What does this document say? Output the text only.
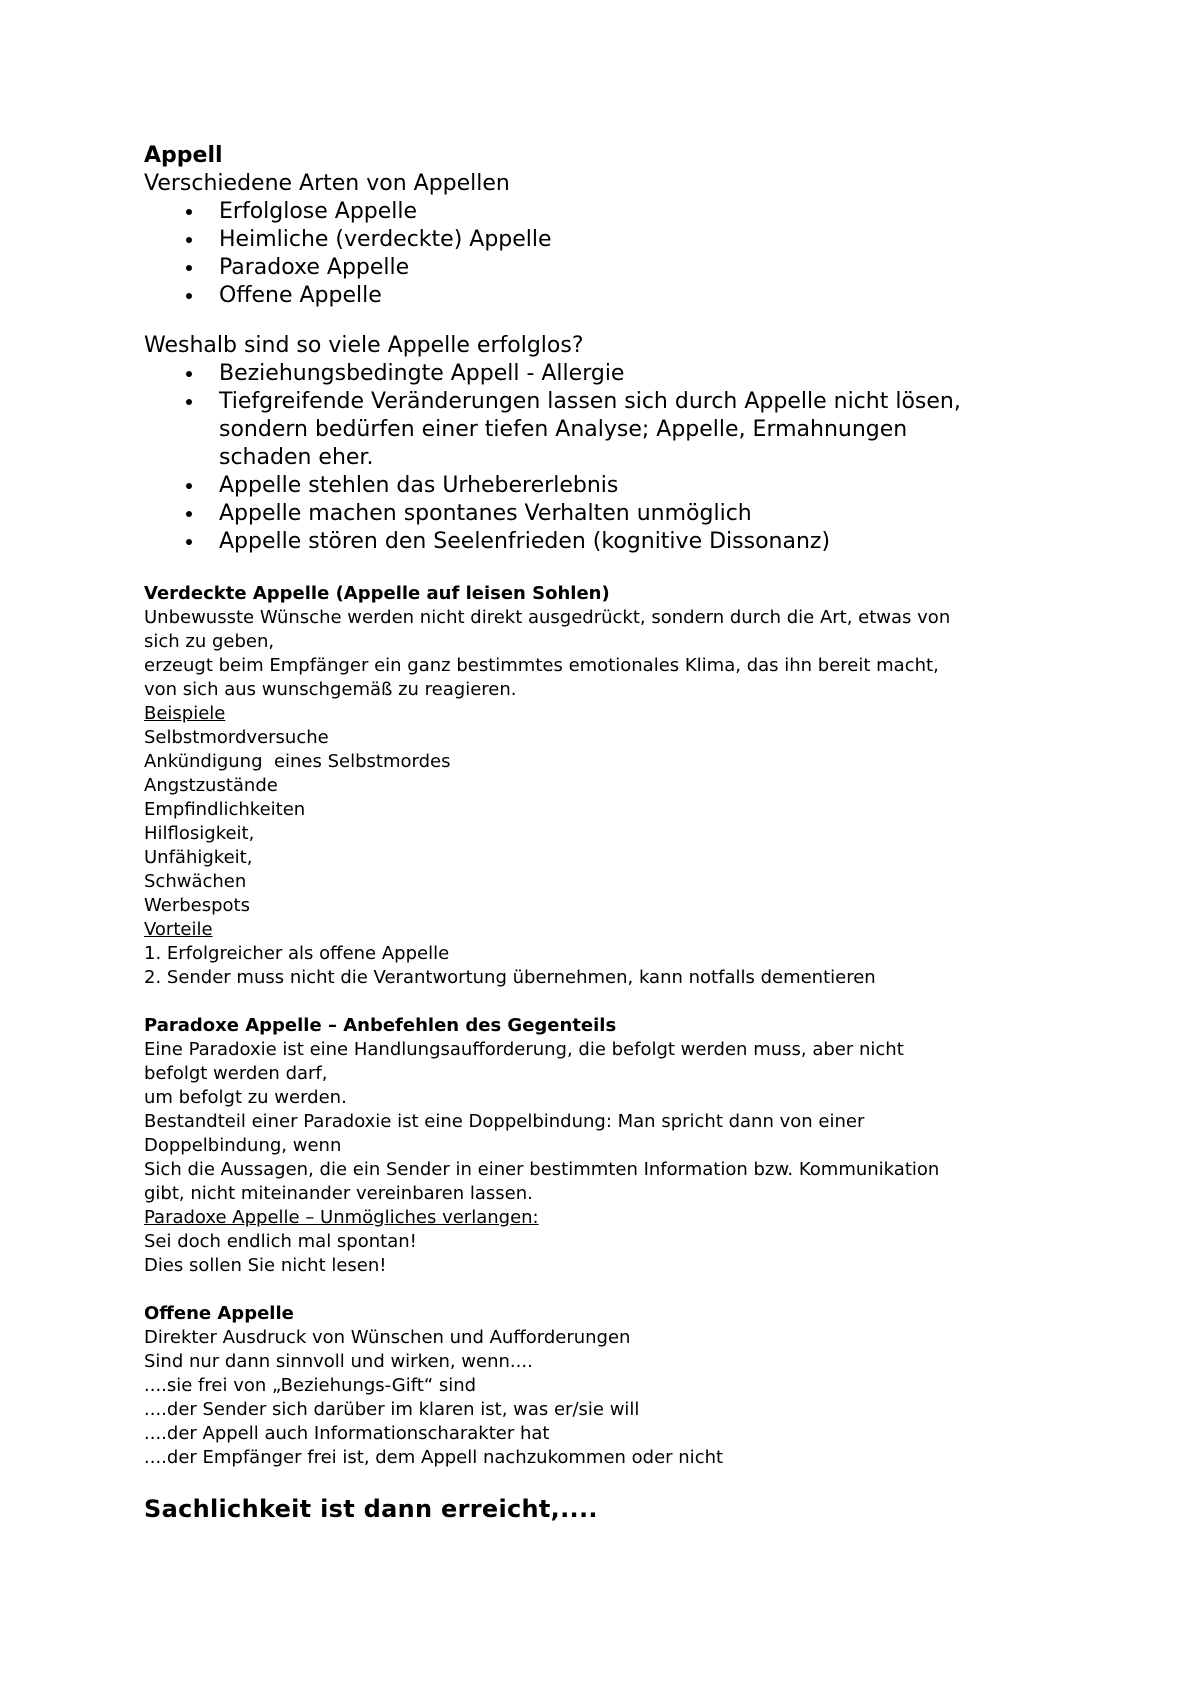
Appell

Verschiedene Arten von Appellen

Erfolglose Appelle
Heimliche (verdeckte) Appelle
Paradoxe Appelle
Offene Appelle

Weshalb sind so viele Appelle erfolglos?

Beziehungsbedingte Appell - Allergie
Tiefgreifende Veränderungen lassen sich durch Appelle nicht lösen,
sondern bedürfen einer tiefen Analyse; Appelle, Ermahnungen
schaden eher.
Appelle stehlen das Urhebererlebnis
Appelle machen spontanes Verhalten unmöglich
Appelle stören den Seelenfrieden (kognitive Dissonanz)

Verdeckte Appelle (Appelle auf leisen Sohlen)

Unbewusste Wünsche werden nicht direkt ausgedrückt, sondern durch die Art, etwas von

sich zu geben,

erzeugt beim Empfänger ein ganz bestimmtes emotionales Klima, das ihn bereit macht,

von sich aus wunschgemäß zu reagieren.

Beispiele

Selbstmordversuche

Ankündigung  eines Selbstmordes

Angstzustände

Empfindlichkeiten

Hilflosigkeit,

Unfähigkeit,

Schwächen

Werbespots

Vorteile

1. Erfolgreicher als offene Appelle

2. Sender muss nicht die Verantwortung übernehmen, kann notfalls dementieren

Paradoxe Appelle – Anbefehlen des Gegenteils

Eine Paradoxie ist eine Handlungsaufforderung, die befolgt werden muss, aber nicht

befolgt werden darf,

um befolgt zu werden.

Bestandteil einer Paradoxie ist eine Doppelbindung: Man spricht dann von einer

Doppelbindung, wenn

Sich die Aussagen, die ein Sender in einer bestimmten Information bzw. Kommunikation

gibt, nicht miteinander vereinbaren lassen.

Paradoxe Appelle – Unmögliches verlangen:

Sei doch endlich mal spontan!

Dies sollen Sie nicht lesen!

Offene Appelle

Direkter Ausdruck von Wünschen und Aufforderungen

Sind nur dann sinnvoll und wirken, wenn....

....sie frei von „Beziehungs-Gift“ sind

....der Sender sich darüber im klaren ist, was er/sie will

....der Appell auch Informationscharakter hat

....der Empfänger frei ist, dem Appell nachzukommen oder nicht

Sachlichkeit ist dann erreicht,....
